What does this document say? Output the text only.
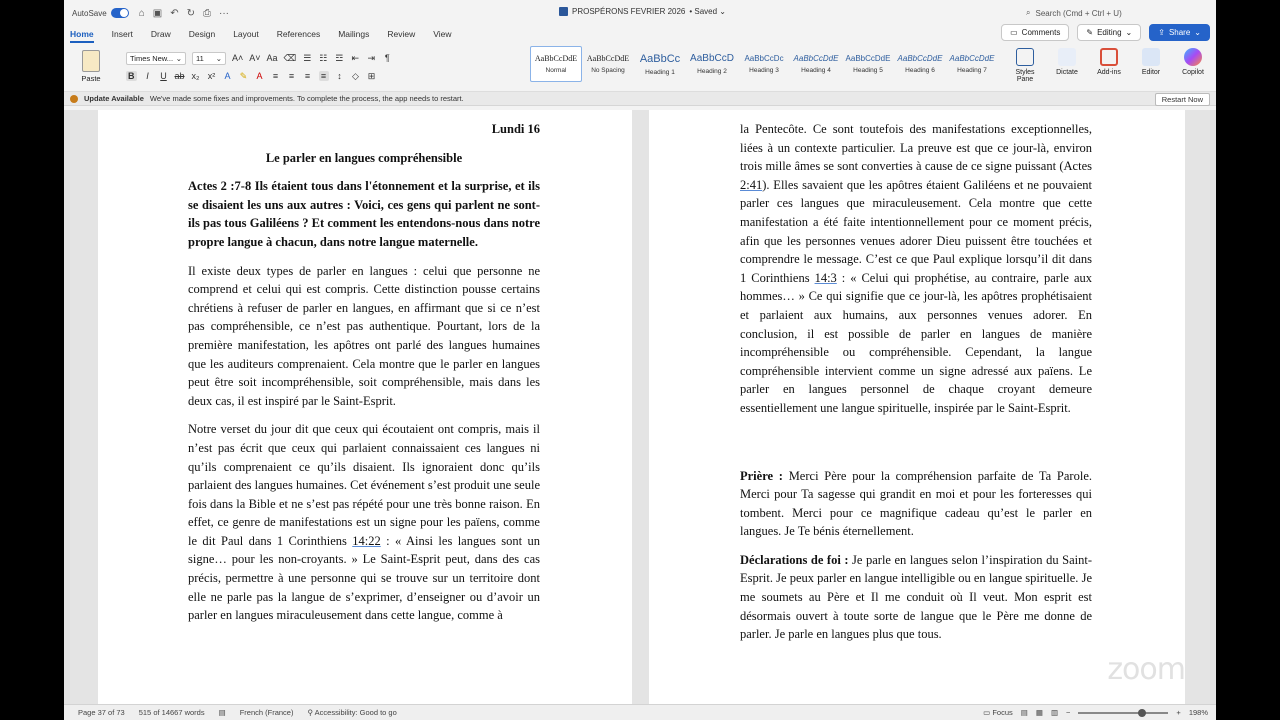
AutoSave	⌂ ▣ ↶ ↻ ⎙ ···	PROSPÉRONS FEVRIER 2026 • Saved ⌄	⌕ Search (Cmd + Ctrl + U)
Home Insert Draw Design Layout References Mailings Review View	▭ Comments	✎ Editing ⌄	⇪ Share ⌄
Paste
Times New... ⌄ 11 ⌄ A˄ A˅ Aa ⌫ ☰ ☷ ☲ ⇤ ⇥ ¶
B	I	U ab x₂ x² A ✎ A ≡ ≡ ≡ ≡	↕	◇ ⊞
AaBbCcDdE
Normal
AaBbCcDdE
No Spacing
AaBbCc
Heading 1
AaBbCcD
Heading 2
AaBbCcDc
Heading 3
AaBbCcDdE
Heading 4
AaBbCcDdE
Heading 5
AaBbCcDdE
Heading 6
AaBbCcDdE
Heading 7	Styles Pane
Dictate	Add-ins	Editor	Copilot
Update Available We've made some fixes and improvements. To complete the process, the app needs to restart.	Restart Now
Lundi 16
Le parler en langues compréhensible
Actes 2 :7-8 Ils étaient tous dans l'étonnement et la surprise, et ils se disaient les uns aux autres : Voici, ces gens qui parlent ne sont-ils pas tous Galiléens ? Et comment les entendons-nous dans notre propre langue à chacun, dans notre langue maternelle.

Il existe deux types de parler en langues : celui que personne ne comprend et celui qui est compris. Cette distinction pousse certains chrétiens à refuser de parler en langues, en affirmant que si ce n’est pas compréhensible, ce n’est pas authentique. Pourtant, lors de la première manifestation, les apôtres ont parlé des langues humaines que les auditeurs comprenaient. Cela montre que le parler en langues peut être soit incompréhensible, soit compréhensible, mais dans les deux cas, il est inspiré par le Saint-Esprit.

Notre verset du jour dit que ceux qui écoutaient ont compris, mais il n’est pas écrit que ceux qui parlaient connaissaient ces langues ni qu’ils comprenaient ce qu’ils disaient. Ils ignoraient donc qu’ils parlaient des langues humaines. Cet événement s’est produit une seule fois dans la Bible et ne s’est pas répété pour une très bonne raison. En effet, ce genre de manifestations est un signe pour les païens, comme le dit Paul dans 1 Corinthiens 14:22 : « Ainsi les langues sont un signe… pour les non-croyants. » Le Saint-Esprit peut, dans des cas précis, permettre à une personne qui se trouve sur un territoire dont elle ne parle pas la langue de s’exprimer, d’enseigner ou d’avoir un parler en langues miraculeusement dans cette langue, comme à

la Pentecôte. Ce sont toutefois des manifestations exceptionnelles, liées à un contexte particulier. La preuve est que ce jour-là, environ trois mille âmes se sont converties à cause de ce signe puissant (Actes 2:41). Elles savaient que les apôtres étaient Galiléens et ne pouvaient parler ces langues que miraculeusement. Cela montre que cette manifestation a été faite intentionnellement pour ce moment précis, afin que les personnes venues adorer Dieu puissent être touchées et comprendre le message. C’est ce que Paul explique lorsqu’il dit dans 1 Corinthiens 14:3 : « Celui qui prophétise, au contraire, parle aux hommes… » Ce qui signifie que ce jour-là, les apôtres prophétisaient et parlaient aux humains, aux personnes venues adorer. En conclusion, il est possible de parler en langues de manière incompréhensible ou compréhensible. Cependant, la langue compréhensible intervient comme un signe adressé aux païens. Le parler en langues personnel de chaque croyant demeure essentiellement une langue spirituelle, inspirée par le Saint-Esprit.

Prière : Merci Père pour la compréhension parfaite de Ta Parole. Merci pour Ta sagesse qui grandit en moi et pour les forteresses qui tombent. Merci pour ce magnifique cadeau qu’est le parler en langues. Je Te bénis éternellement.

Déclarations de foi : Je parle en langues selon l’inspiration du Saint-Esprit. Je peux parler en langue intelligible ou en langue spirituelle. Je me soumets au Père et Il me conduit où Il veut. Mon esprit est désormais ouvert à toute sorte de langue que le Père me donne de parler. Je parle en langues plus que tous.

zoom
Page 37 of 73 515 of 14667 words ▤ French (France) ⚲ Accessibility: Good to go	▭ Focus ▤ ▦ ▥ −	+ 198%
